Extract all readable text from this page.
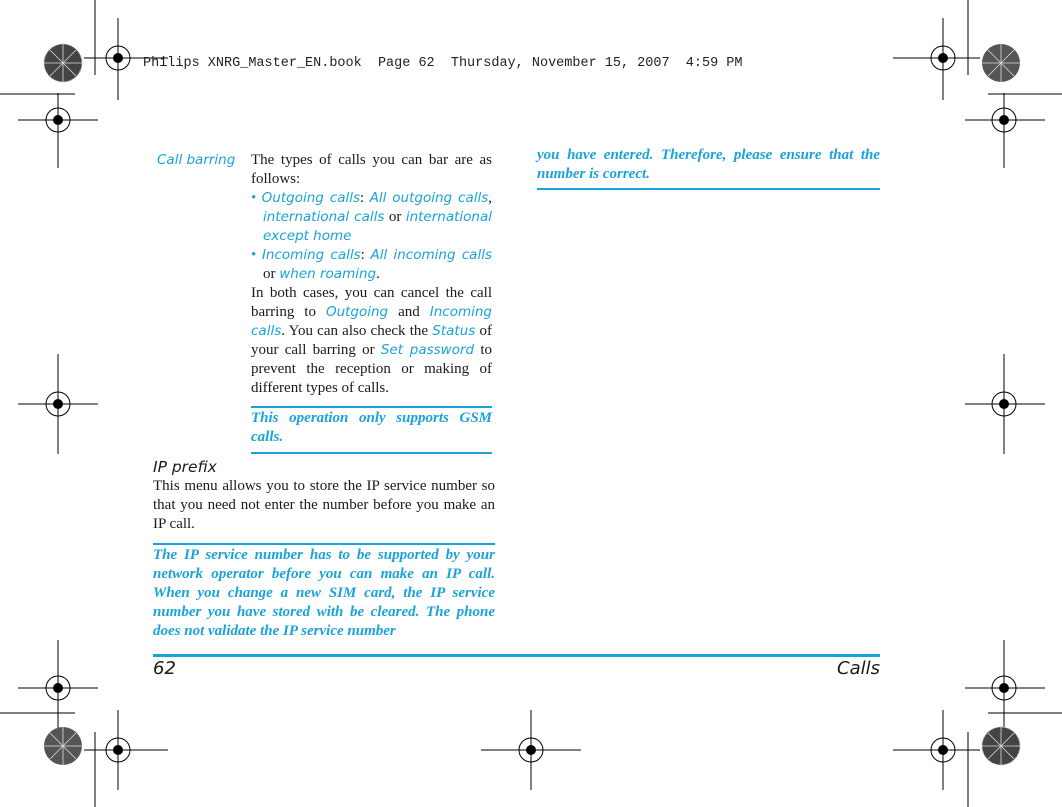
Philips XNRG_Master_EN.book  Page 62  Thursday, November 15, 2007  4:59 PM
Call barring The types of calls you can bar are as follows:

• Outgoing calls: All outgoing calls, international calls or international except home

• Incoming calls: All incoming calls or when roaming.

In both cases, you can cancel the call barring to Outgoing and Incoming calls. You can also check the Status of your call barring or Set password to prevent the reception or making of different types of calls.

This operation only supports GSM calls.
IP prefix
This menu allows you to store the IP service number so that you need not enter the number before you make an IP call.
The IP service number has to be supported by your network operator before you can make an IP call. When you change a new SIM card, the IP service number you have stored with be cleared. The phone does not validate the IP service number
you have entered. Therefore, please ensure that the number is correct.
62	Calls
